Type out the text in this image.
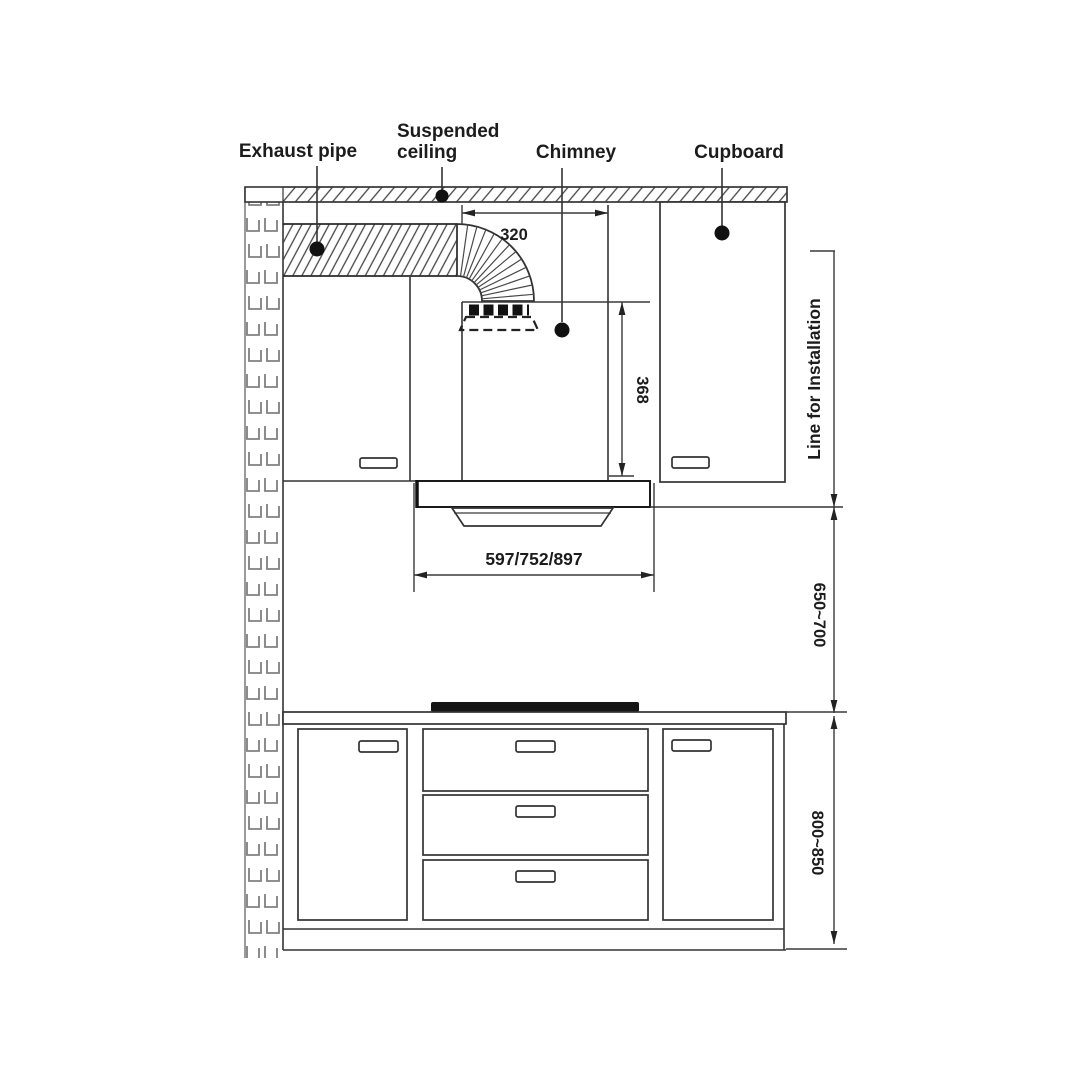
Exhaust pipe
Suspended
ceiling	Chimney	Cupboard
320
368
597/752/897
Line for Installation
650~700
800~850
